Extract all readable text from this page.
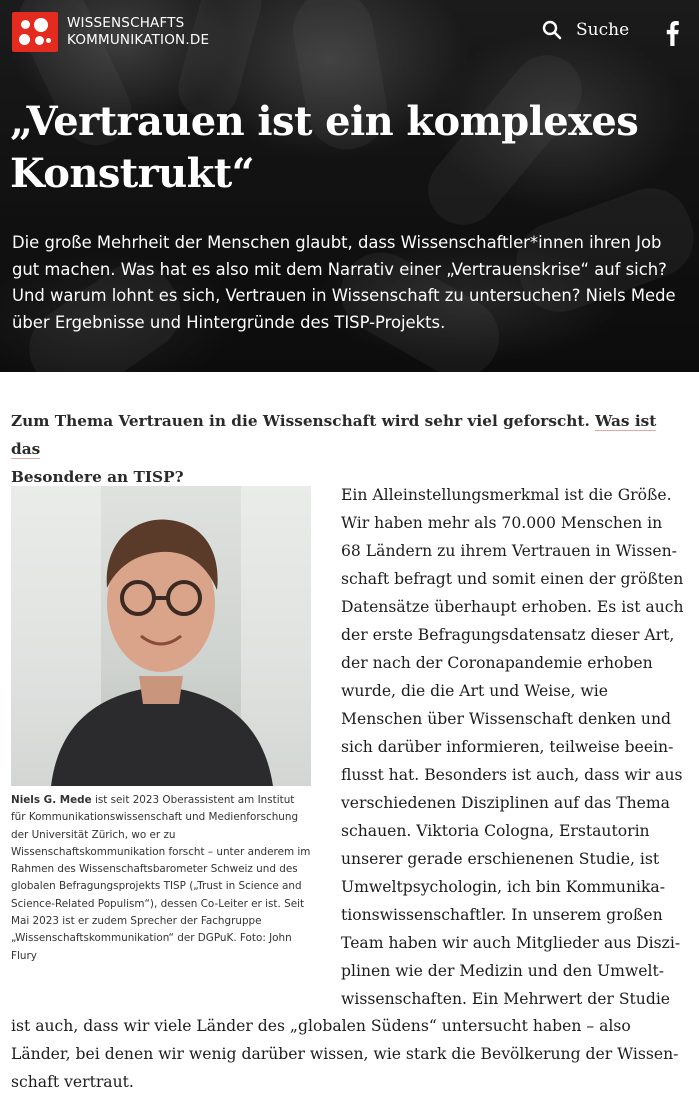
WISSENSCHAFTS
KOMMUNIKATION.DE	Suche
„Vertrauen ist ein komplexes Konstrukt“

Die große Mehrheit der Menschen glaubt, dass Wissenschaftler*innen ihren Job gut machen. Was hat es also mit dem Narrativ einer „Vertrauenskrise“ auf sich? Und warum lohnt es sich, Vertrauen in Wissenschaft zu untersuchen? Niels Mede über Ergebnisse und Hintergründe des TISP-Projekts.

Zum Thema Vertrauen in die Wissenschaft wird sehr viel geforscht. Was ist das
Besondere an TISP?
Niels G. Mede ist seit 2023 Oberassistent am Institut für Kommunikationswissenschaft und Medienforschung der Universität Zürich, wo er zu Wissenschaftskommunikation forscht – unter anderem im Rahmen des Wissenschaftsbarometer Schweiz und des globalen Befragungsprojekts TISP („Trust in Science and Science-Related Populism“), dessen Co-Leiter er ist. Seit Mai 2023 ist er zudem Sprecher der Fachgruppe „Wissenschaftskommunikation“ der DGPuK. Foto: John Flury
Ein Alleinstellungsmerkmal ist die Größe.
Wir haben mehr als 70.000 Menschen in
68 Ländern zu ihrem Vertrauen in Wissen-
schaft befragt und somit einen der größten
Datensätze überhaupt erhoben. Es ist auch
der erste Befragungsdatensatz dieser Art,
der nach der Coronapandemie erhoben
wurde, die die Art und Weise, wie
Menschen über Wissenschaft denken und
sich darüber informieren, teilweise beein-
flusst hat. Besonders ist auch, dass wir aus
verschiedenen Disziplinen auf das Thema
schauen. Viktoria Cologna, Erstautorin
unserer gerade erschienenen Studie, ist
Umweltpsychologin, ich bin Kommunika-
tionswissenschaftler. In unserem großen
Team haben wir auch Mitglieder aus Diszi-
plinen wie der Medizin und den Umwelt-
wissenschaften. Ein Mehrwert der Studie
ist auch, dass wir viele Länder des „globalen Südens“ untersucht haben – also
Länder, bei denen wir wenig darüber wissen, wie stark die Bevölkerung der Wissen-
schaft vertraut.
